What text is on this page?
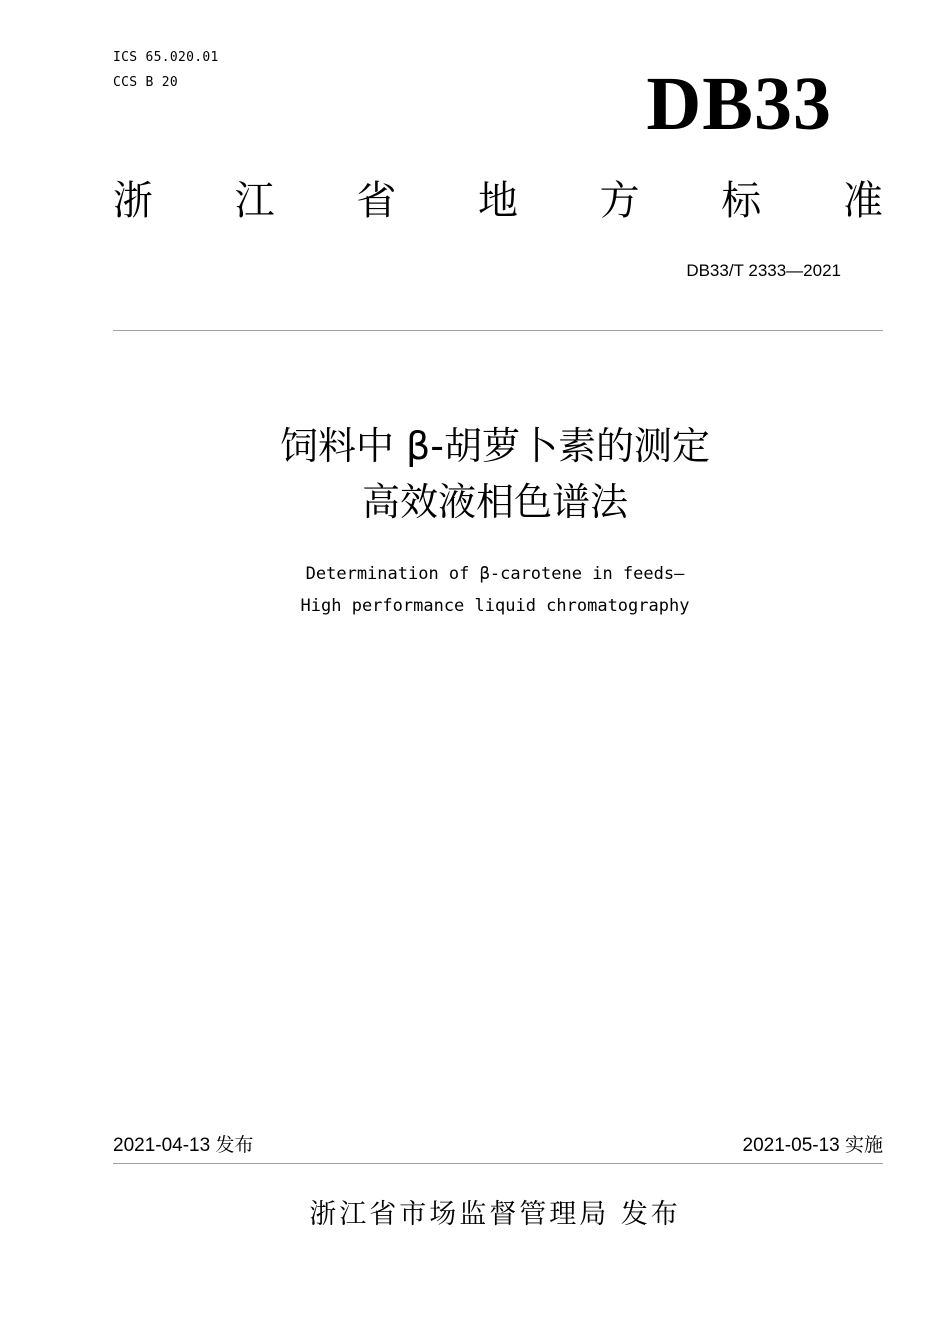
ICS 65.020.01
CCS B 20	DB33
浙 江 省 地 方 标 准
DB33/T 2333—2021
饲料中 β-胡萝卜素的测定
高效液相色谱法
Determination of β-carotene in feeds—
High performance liquid chromatography
2021-04-13 发布	2021-05-13 实施
浙江省市场监督管理局 发布
